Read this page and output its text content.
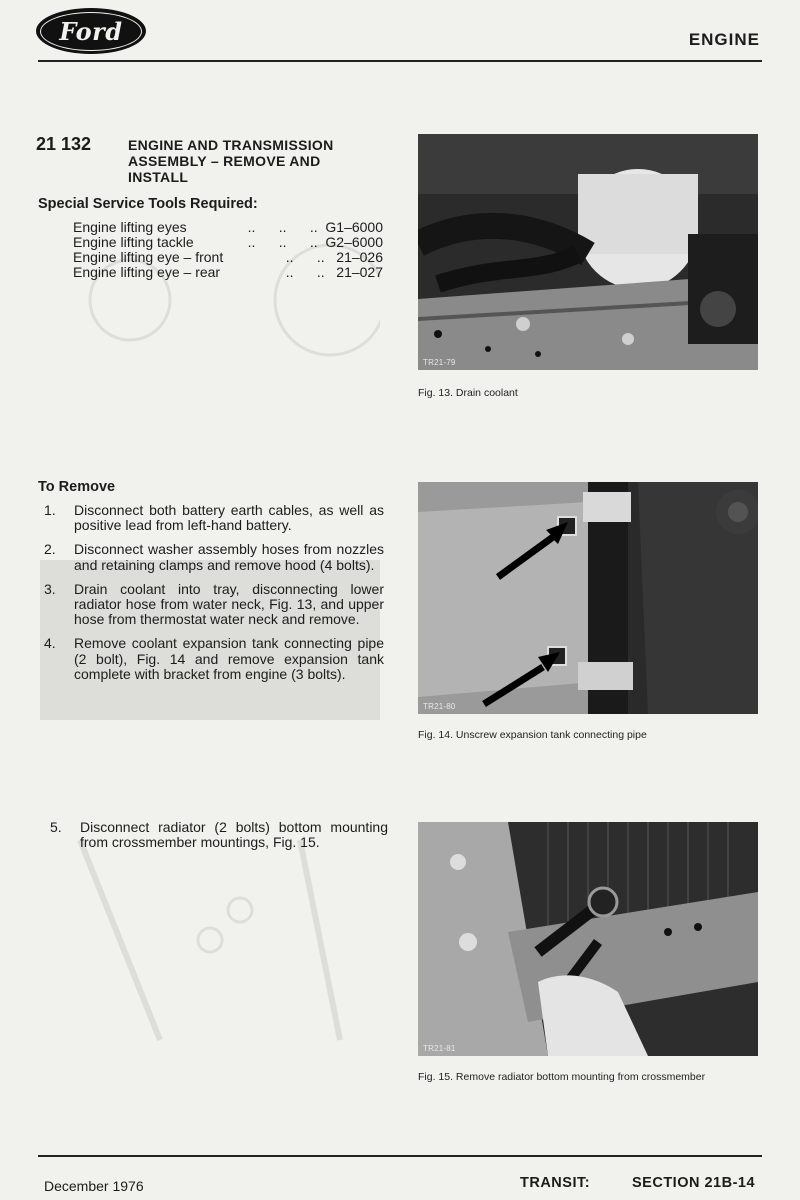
Ford	ENGINE
21 132	ENGINE AND TRANSMISSION
ASSEMBLY – REMOVE AND
INSTALL
Special Service Tools Required:
Engine lifting eyes	..      ..      .. G1–6000
Engine lifting tackle	..      ..      .. G2–6000
Engine lifting eye – front	..      .. 21–026
Engine lifting eye – rear	..      .. 21–027
To Remove
1.	Disconnect both battery earth cables, as well as positive lead from left-hand battery.
2.	Disconnect washer assembly hoses from nozzles and retaining clamps and remove hood (4 bolts).
3.	Drain coolant into tray, disconnecting lower radiator hose from water neck, Fig. 13, and upper hose from thermostat water neck and remove.
4.	Remove coolant expansion tank connecting pipe (2 bolt), Fig. 14 and remove expansion tank complete with bracket from engine (3 bolts).
5.	Disconnect radiator (2 bolts) bottom mounting from crossmember mountings, Fig. 15.
TR21-79
Fig. 13. Drain coolant
TR21-80
Fig. 14. Unscrew expansion tank connecting pipe
TR21-81
Fig. 15. Remove radiator bottom mounting from crossmember
December 1976	TRANSIT:	SECTION 21B-14
